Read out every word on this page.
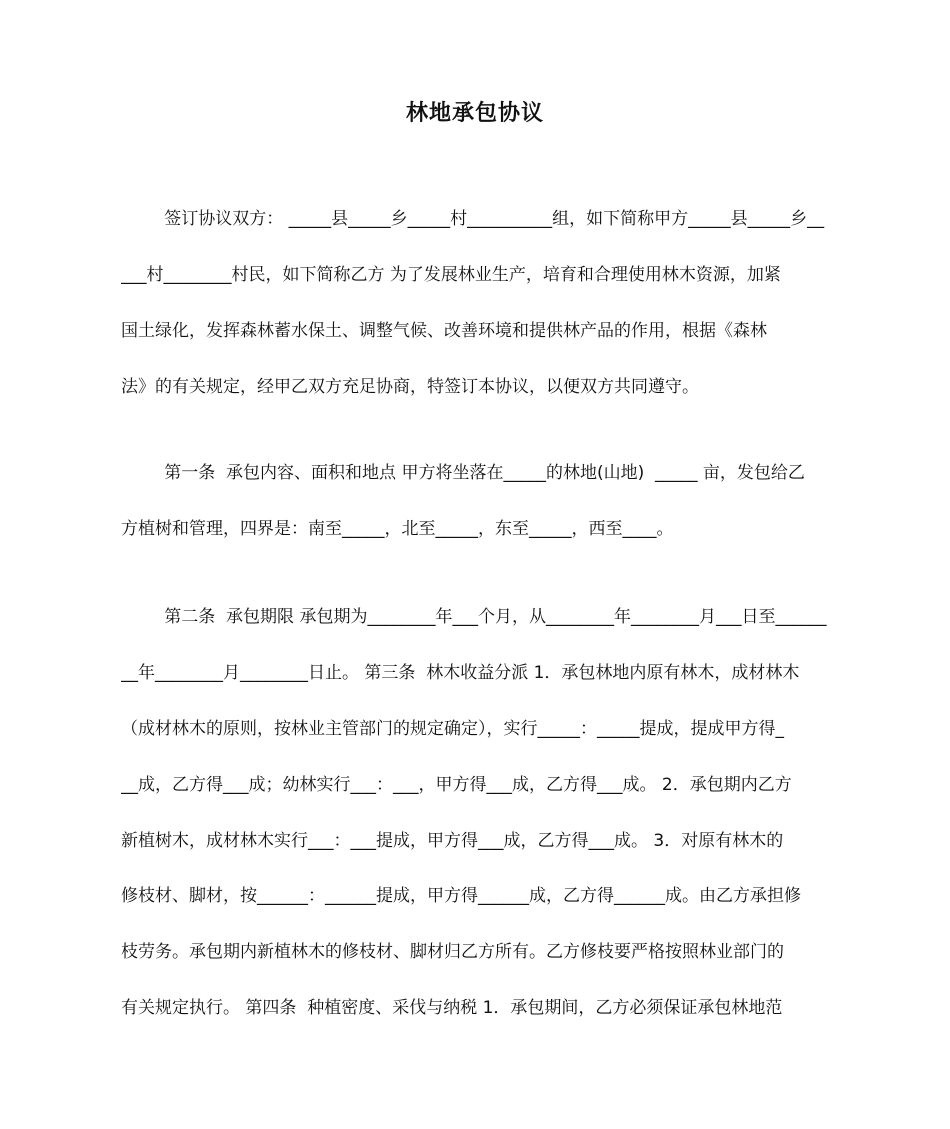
林地承包协议
签订协议双方： _____县_____乡_____村__________组，如下简称甲方_____县_____乡__
___村________村民，如下简称乙方 为了发展林业生产，培育和合理使用林木资源，加紧
国土绿化，发挥森林蓄水保土、调整气候、改善环境和提供林产品的作用，根据《森林
法》的有关规定，经甲乙双方充足协商，特签订本协议，以便双方共同遵守。
第一条  承包内容、面积和地点 甲方将坐落在_____的林地(山地)  _____ 亩，发包给乙
方植树和管理，四界是：南至_____，北至_____，东至_____，西至____。
第二条  承包期限 承包期为________年___个月，从________年________月___日至______
__年________月________日止。 第三条  林木收益分派 1．承包林地内原有林木，成材林木
（成材林木的原则，按林业主管部门的规定确定），实行_____：_____提成，提成甲方得_
__成，乙方得___成；幼林实行___：___，甲方得___成，乙方得___成。 2．承包期内乙方
新植树木，成材林木实行___：___提成，甲方得___成，乙方得___成。 3．对原有林木的
修枝材、脚材，按______：______提成，甲方得______成，乙方得______成。由乙方承担修
枝劳务。承包期内新植林木的修枝材、脚材归乙方所有。乙方修枝要严格按照林业部门的
有关规定执行。 第四条  种植密度、采伐与纳税 1．承包期间，乙方必须保证承包林地范
